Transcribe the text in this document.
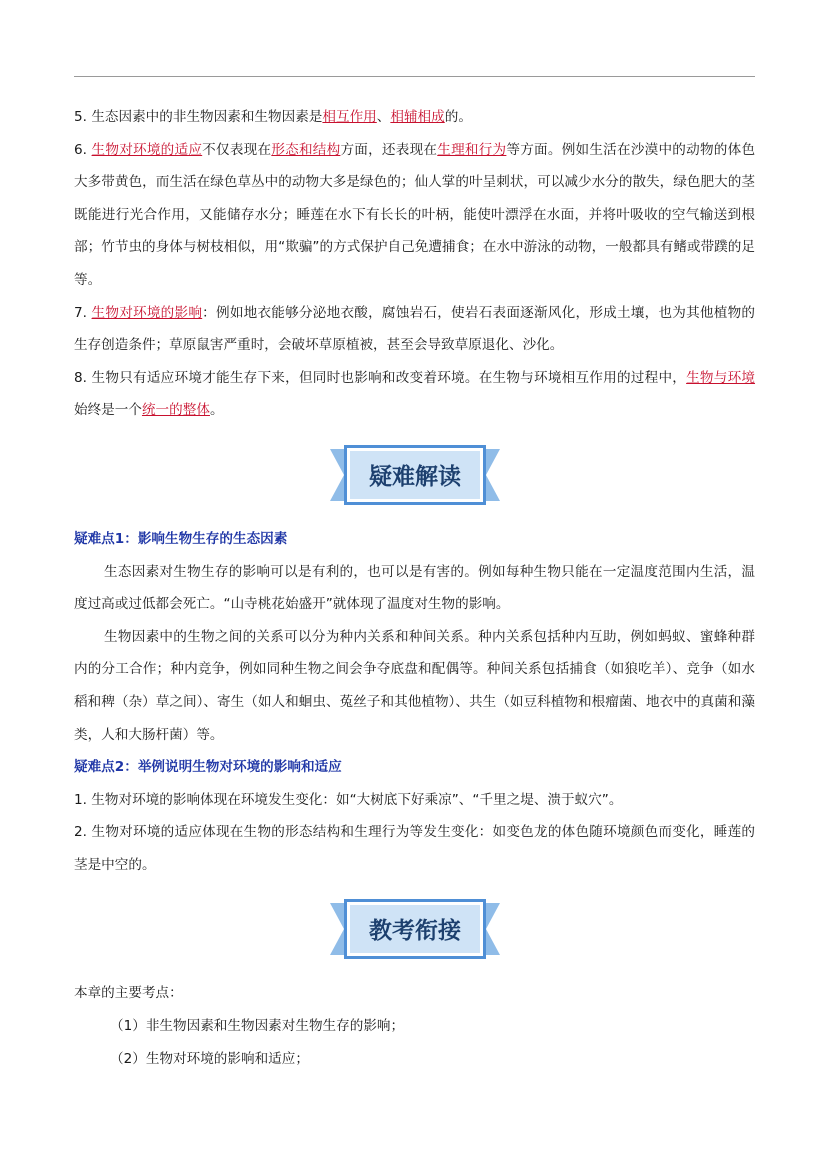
5. 生态因素中的非生物因素和生物因素是相互作用、相辅相成的。

6. 生物对环境的适应不仅表现在形态和结构方面，还表现在生理和行为等方面。例如生活在沙漠中的动物的体色大多带黄色，而生活在绿色草丛中的动物大多是绿色的；仙人掌的叶呈刺状，可以减少水分的散失，绿色肥大的茎既能进行光合作用，又能储存水分；睡莲在水下有长长的叶柄，能使叶漂浮在水面，并将叶吸收的空气输送到根部；竹节虫的身体与树枝相似，用“欺骗”的方式保护自己免遭捕食；在水中游泳的动物，一般都具有鳍或带蹼的足等。

7. 生物对环境的影响：例如地衣能够分泌地衣酸，腐蚀岩石，使岩石表面逐渐风化，形成土壤，也为其他植物的生存创造条件；草原鼠害严重时，会破坏草原植被，甚至会导致草原退化、沙化。

8. 生物只有适应环境才能生存下来，但同时也影响和改变着环境。在生物与环境相互作用的过程中，生物与环境始终是一个统一的整体。

疑难解读

疑难点1：影响生物生存的生态因素

生态因素对生物生存的影响可以是有利的，也可以是有害的。例如每种生物只能在一定温度范围内生活，温度过高或过低都会死亡。“山寺桃花始盛开”就体现了温度对生物的影响。

生物因素中的生物之间的关系可以分为种内关系和种间关系。种内关系包括种内互助，例如蚂蚁、蜜蜂种群内的分工合作；种内竞争，例如同种生物之间会争夺底盘和配偶等。种间关系包括捕食（如狼吃羊）、竞争（如水稻和稗（杂）草之间）、寄生（如人和蛔虫、菟丝子和其他植物）、共生（如豆科植物和根瘤菌、地衣中的真菌和藻类，人和大肠杆菌）等。

疑难点2：举例说明生物对环境的影响和适应

1. 生物对环境的影响体现在环境发生变化：如“大树底下好乘凉”、“千里之堤、溃于蚁穴”。

2. 生物对环境的适应体现在生物的形态结构和生理行为等发生变化：如变色龙的体色随环境颜色而变化，睡莲的茎是中空的。

教考衔接

本章的主要考点：

（1）非生物因素和生物因素对生物生存的影响；

（2）生物对环境的影响和适应；
